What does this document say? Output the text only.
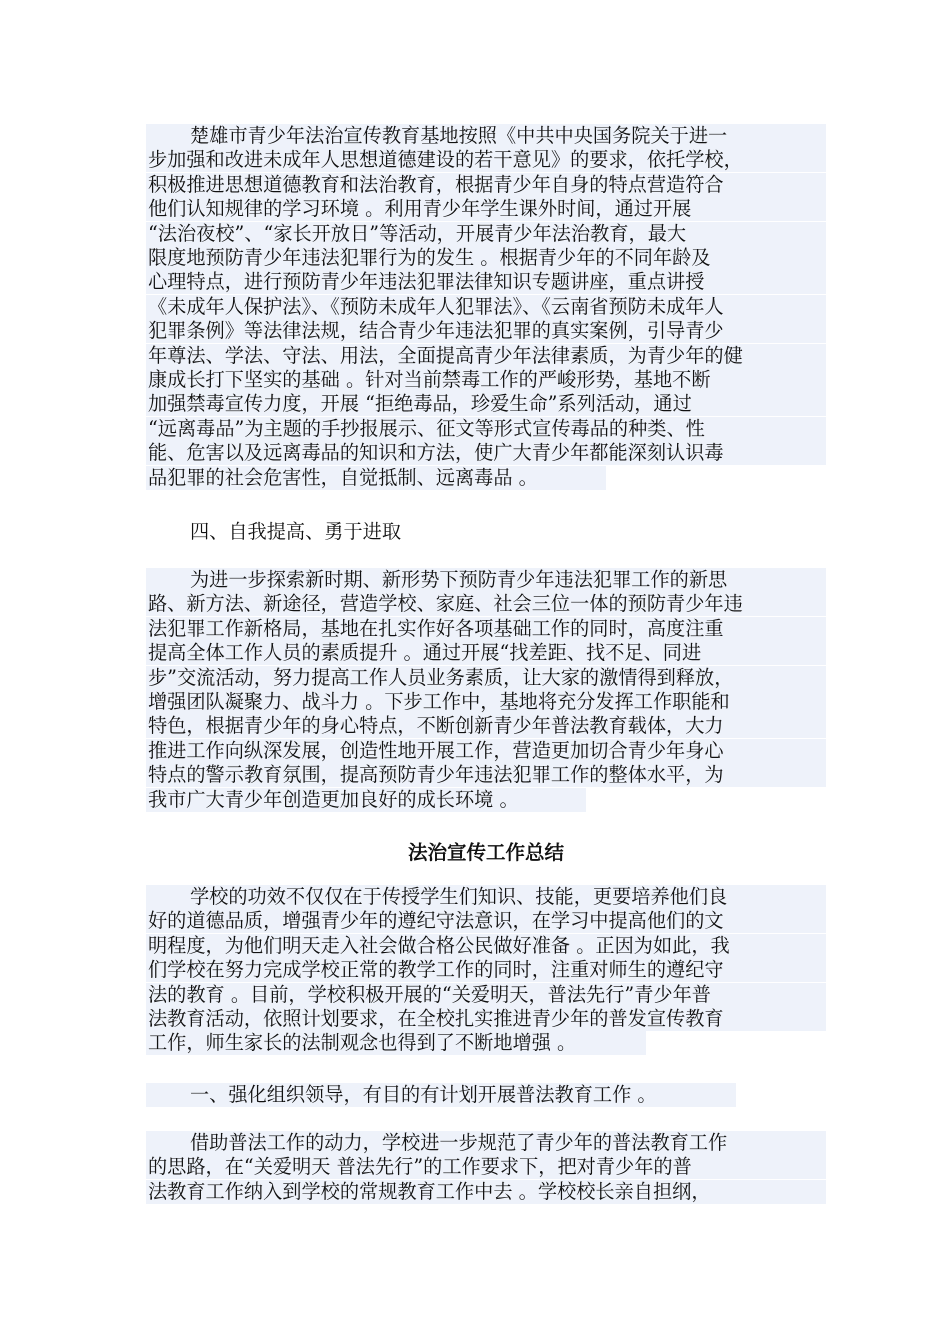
楚雄市青少年法治宣传教育基地按照《中共中央国务院关于进一
步加强和改进未成年人思想道德建设的若干意见》的要求，依托学校，
积极推进思想道德教育和法治教育，根据青少年自身的特点营造符合
他们认知规律的学习环境 。利用青少年学生课外时间，通过开展
“法治夜校”、“家长开放日”等活动，开展青少年法治教育，最大
限度地预防青少年违法犯罪行为的发生 。根据青少年的不同年龄及
心理特点，进行预防青少年违法犯罪法律知识专题讲座，重点讲授
《未成年人保护法》、《预防未成年人犯罪法》、《云南省预防未成年人
犯罪条例》等法律法规，结合青少年违法犯罪的真实案例，引导青少
年尊法、学法、守法、用法，全面提高青少年法律素质，为青少年的健
康成长打下坚实的基础 。针对当前禁毒工作的严峻形势，基地不断
加强禁毒宣传力度，开展 “拒绝毒品，珍爱生命”系列活动，通过
“远离毒品”为主题的手抄报展示、征文等形式宣传毒品的种类、性
能、危害以及远离毒品的知识和方法，使广大青少年都能深刻认识毒
品犯罪的社会危害性，自觉抵制、远离毒品 。
四、自我提高、勇于进取
为进一步探索新时期、新形势下预防青少年违法犯罪工作的新思
路、新方法、新途径，营造学校、家庭、社会三位一体的预防青少年违
法犯罪工作新格局，基地在扎实作好各项基础工作的同时，高度注重
提高全体工作人员的素质提升 。通过开展“找差距、找不足、同进
步”交流活动，努力提高工作人员业务素质，让大家的激情得到释放，
增强团队凝聚力、战斗力 。下步工作中，基地将充分发挥工作职能和
特色，根据青少年的身心特点，不断创新青少年普法教育载体，大力
推进工作向纵深发展，创造性地开展工作，营造更加切合青少年身心
特点的警示教育氛围，提高预防青少年违法犯罪工作的整体水平，为
我市广大青少年创造更加良好的成长环境 。
法治宣传工作总结
学校的功效不仅仅在于传授学生们知识、技能，更要培养他们良
好的道德品质，增强青少年的遵纪守法意识，在学习中提高他们的文
明程度，为他们明天走入社会做合格公民做好准备 。正因为如此，我
们学校在努力完成学校正常的教学工作的同时，注重对师生的遵纪守
法的教育 。目前，学校积极开展的“关爱明天，普法先行”青少年普
法教育活动，依照计划要求，在全校扎实推进青少年的普发宣传教育
工作，师生家长的法制观念也得到了不断地增强 。
一、强化组织领导，有目的有计划开展普法教育工作 。
借助普法工作的动力，学校进一步规范了青少年的普法教育工作
的思路，在“关爱明天 普法先行”的工作要求下，把对青少年的普
法教育工作纳入到学校的常规教育工作中去 。学校校长亲自担纲，
